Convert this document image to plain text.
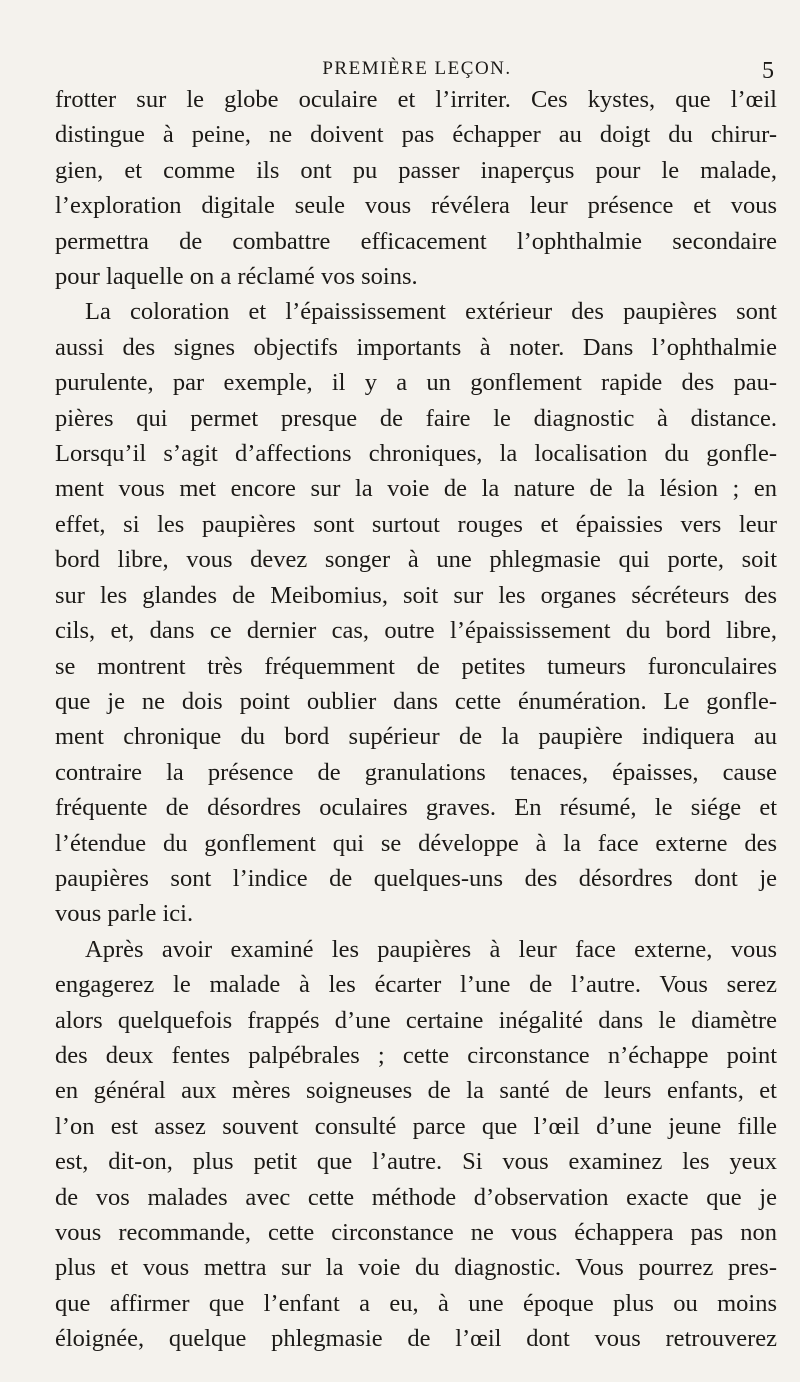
PREMIÈRE LEÇON.	5
frotter sur le globe oculaire et l’irriter. Ces kystes, que l’œil
distingue à peine, ne doivent pas échapper au doigt du chirur-
gien, et comme ils ont pu passer inaperçus pour le malade,
l’exploration digitale seule vous révélera leur présence et vous
permettra de combattre efficacement l’ophthalmie secondaire
pour laquelle on a réclamé vos soins.
La coloration et l’épaississement extérieur des paupières sont
aussi des signes objectifs importants à noter. Dans l’ophthalmie
purulente, par exemple, il y a un gonflement rapide des pau-
pières qui permet presque de faire le diagnostic à distance.
Lorsqu’il s’agit d’affections chroniques, la localisation du gonfle-
ment vous met encore sur la voie de la nature de la lésion ; en
effet, si les paupières sont surtout rouges et épaissies vers leur
bord libre, vous devez songer à une phlegmasie qui porte, soit
sur les glandes de Meibomius, soit sur les organes sécréteurs des
cils, et, dans ce dernier cas, outre l’épaississement du bord libre,
se montrent très fréquemment de petites tumeurs furonculaires
que je ne dois point oublier dans cette énumération. Le gonfle-
ment chronique du bord supérieur de la paupière indiquera au
contraire la présence de granulations tenaces, épaisses, cause
fréquente de désordres oculaires graves. En résumé, le siége et
l’étendue du gonflement qui se développe à la face externe des
paupières sont l’indice de quelques-uns des désordres dont je
vous parle ici.
Après avoir examiné les paupières à leur face externe, vous
engagerez le malade à les écarter l’une de l’autre. Vous serez
alors quelquefois frappés d’une certaine inégalité dans le diamètre
des deux fentes palpébrales ; cette circonstance n’échappe point
en général aux mères soigneuses de la santé de leurs enfants, et
l’on est assez souvent consulté parce que l’œil d’une jeune fille
est, dit-on, plus petit que l’autre. Si vous examinez les yeux
de vos malades avec cette méthode d’observation exacte que je
vous recommande, cette circonstance ne vous échappera pas non
plus et vous mettra sur la voie du diagnostic. Vous pourrez pres-
que affirmer que l’enfant a eu, à une époque plus ou moins
éloignée, quelque phlegmasie de l’œil dont vous retrouverez
